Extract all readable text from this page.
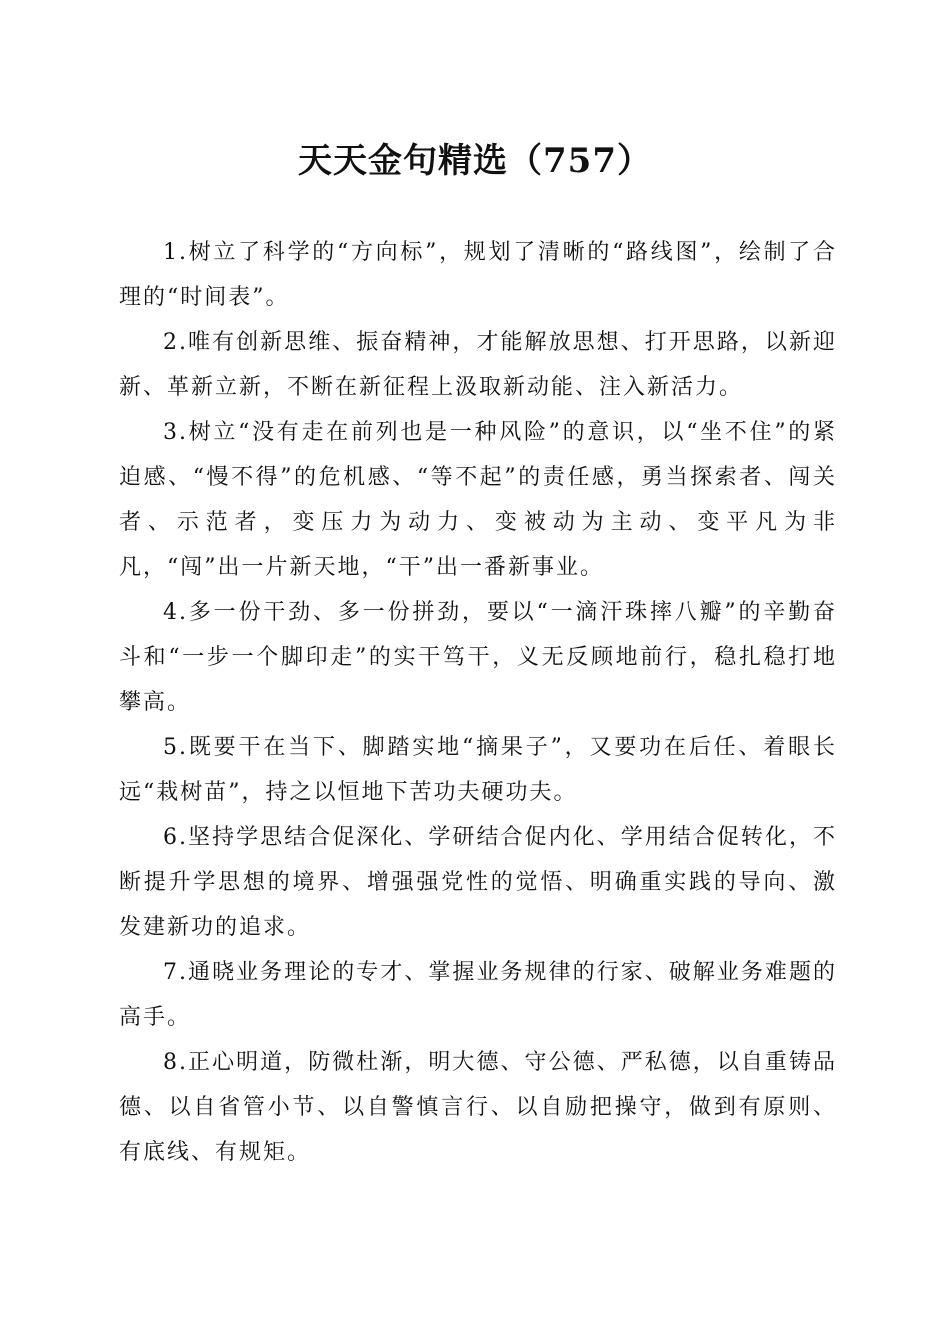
天天金句精选（757）

1.树立了科学的“方向标”，规划了清晰的“路线图”，绘制了合理的“时间表”。

2.唯有创新思维、振奋精神，才能解放思想、打开思路，以新迎新、革新立新，不断在新征程上汲取新动能、注入新活力。

3.树立“没有走在前列也是一种风险”的意识，以“坐不住”的紧迫感、“慢不得”的危机感、“等不起”的责任感，勇当探索者、闯关者、示范者，变压力为动力、变被动为主动、变平凡为非凡，“闯”出一片新天地，“干”出一番新事业。

4.多一份干劲、多一份拼劲，要以“一滴汗珠摔八瓣”的辛勤奋斗和“一步一个脚印走”的实干笃干，义无反顾地前行，稳扎稳打地攀高。

5.既要干在当下、脚踏实地“摘果子”，又要功在后任、着眼长远“栽树苗”，持之以恒地下苦功夫硬功夫。

6.坚持学思结合促深化、学研结合促内化、学用结合促转化，不断提升学思想的境界、增强强党性的觉悟、明确重实践的导向、激发建新功的追求。

7.通晓业务理论的专才、掌握业务规律的行家、破解业务难题的高手。

8.正心明道，防微杜渐，明大德、守公德、严私德，以自重铸品德、以自省管小节、以自警慎言行、以自励把操守，做到有原则、有底线、有规矩。
